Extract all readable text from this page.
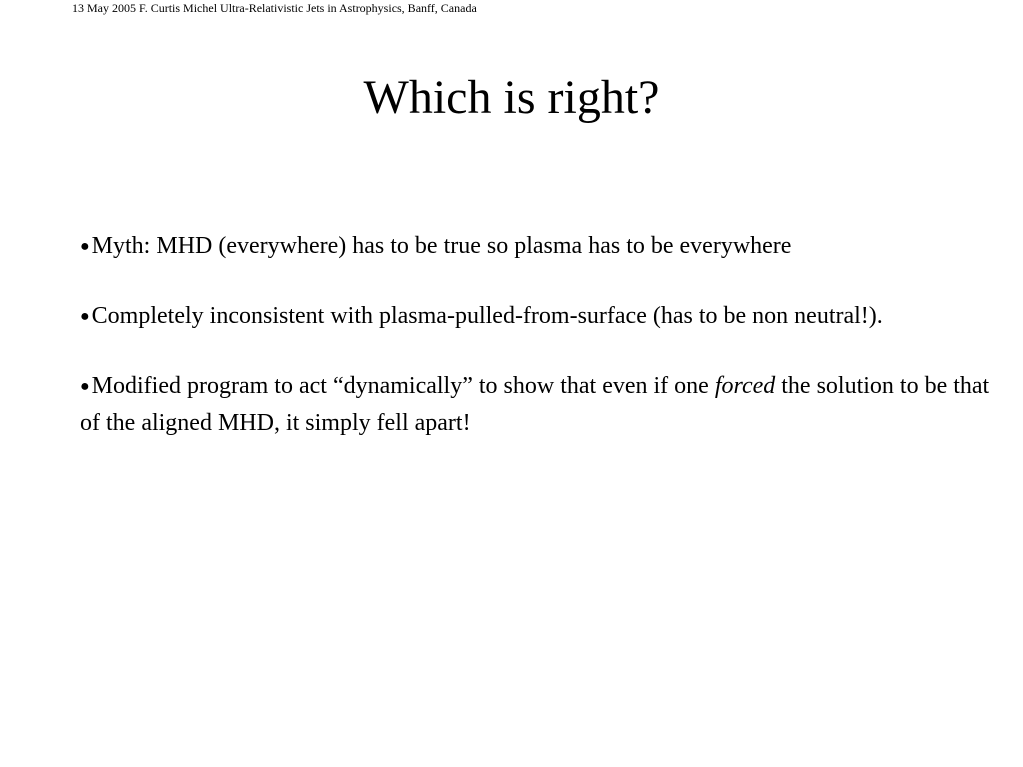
13 May 2005 F. Curtis Michel Ultra-Relativistic Jets in Astrophysics, Banff, Canada
Which is right?

●Myth: MHD (everywhere) has to be true so plasma has to be everywhere

●Completely inconsistent with plasma-pulled-from-surface (has to be non neutral!).

●Modified program to act “dynamically” to show that even if one forced the solution to be that of the aligned MHD, it simply fell apart!
